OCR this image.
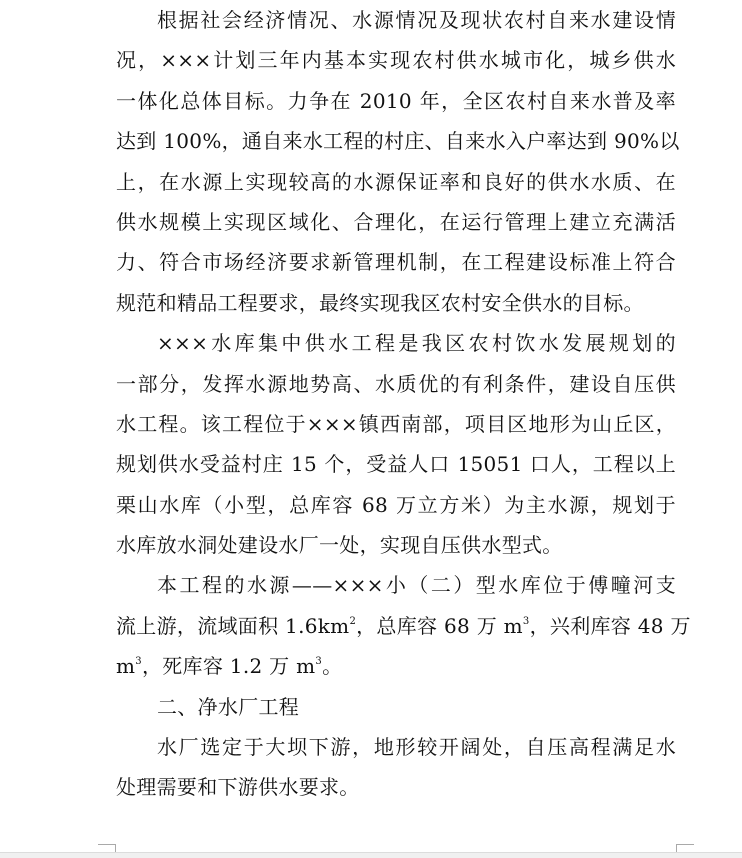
根据社会经济情况、水源情况及现状农村自来水建设情
况，×××计划三年内基本实现农村供水城市化，城乡供水
一体化总体目标。力争在 2010 年，全区农村自来水普及率
达到 100%，通自来水工程的村庄、自来水入户率达到 90%以
上，在水源上实现较高的水源保证率和良好的供水水质、在
供水规模上实现区域化、合理化，在运行管理上建立充满活
力、符合市场经济要求新管理机制，在工程建设标准上符合
规范和精品工程要求，最终实现我区农村安全供水的目标。
×××水库集中供水工程是我区农村饮水发展规划的
一部分，发挥水源地势高、水质优的有利条件，建设自压供
水工程。该工程位于×××镇西南部，项目区地形为山丘区，
规划供水受益村庄 15 个，受益人口 15051 口人，工程以上
栗山水库（小型，总库容 68 万立方米）为主水源，规划于
水库放水洞处建设水厂一处，实现自压供水型式。
本工程的水源——×××小（二）型水库位于傅疃河支
流上游，流域面积 $1.6km^2$，总库容 68 万 $m^3$，兴利库容 48 万
$m^3$，死库容 1.2 万 $m^3$。
二、净水厂工程
水厂选定于大坝下游，地形较开阔处，自压高程满足水
处理需要和下游供水要求。
